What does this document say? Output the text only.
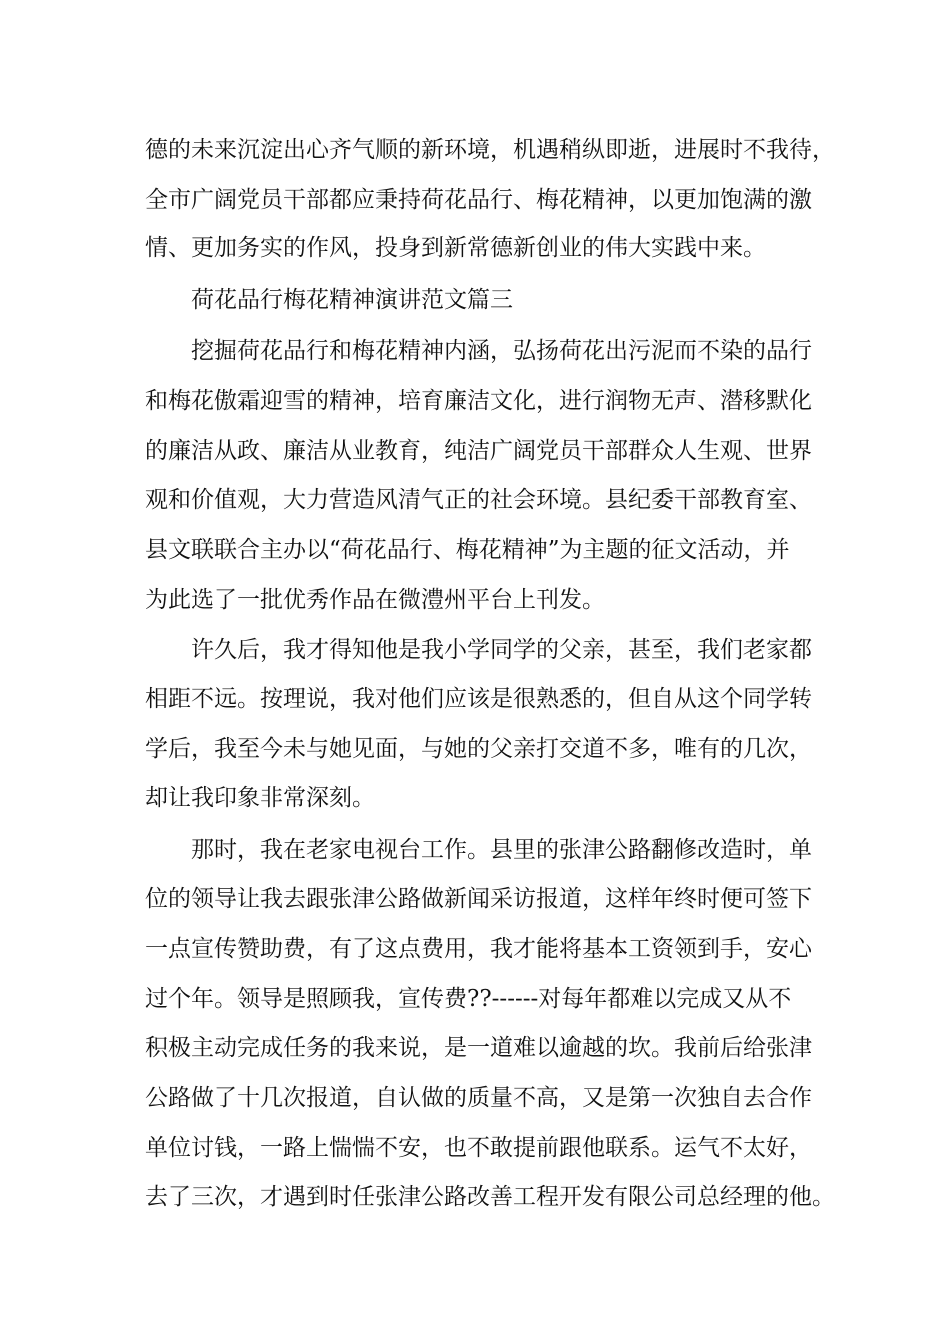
德的未来沉淀出心齐气顺的新环境，机遇稍纵即逝，进展时不我待，

全市广阔党员干部都应秉持荷花品行、梅花精神，以更加饱满的激

情、更加务实的作风，投身到新常德新创业的伟大实践中来。

荷花品行梅花精神演讲范文篇三

挖掘荷花品行和梅花精神内涵，弘扬荷花出污泥而不染的品行

和梅花傲霜迎雪的精神，培育廉洁文化，进行润物无声、潜移默化

的廉洁从政、廉洁从业教育，纯洁广阔党员干部群众人生观、世界

观和价值观，大力营造风清气正的社会环境。县纪委干部教育室、

县文联联合主办以“荷花品行、梅花精神”为主题的征文活动，并

为此选了一批优秀作品在微澧州平台上刊发。

许久后，我才得知他是我小学同学的父亲，甚至，我们老家都

相距不远。按理说，我对他们应该是很熟悉的，但自从这个同学转

学后，我至今未与她见面，与她的父亲打交道不多，唯有的几次，

却让我印象非常深刻。

那时，我在老家电视台工作。县里的张津公路翻修改造时，单

位的领导让我去跟张津公路做新闻采访报道，这样年终时便可签下

一点宣传赞助费，有了这点费用，我才能将基本工资领到手，安心

过个年。领导是照顾我，宣传费??------对每年都难以完成又从不

积极主动完成任务的我来说，是一道难以逾越的坎。我前后给张津

公路做了十几次报道，自认做的质量不高，又是第一次独自去合作

单位讨钱，一路上惴惴不安，也不敢提前跟他联系。运气不太好，

去了三次，才遇到时任张津公路改善工程开发有限公司总经理的他。
